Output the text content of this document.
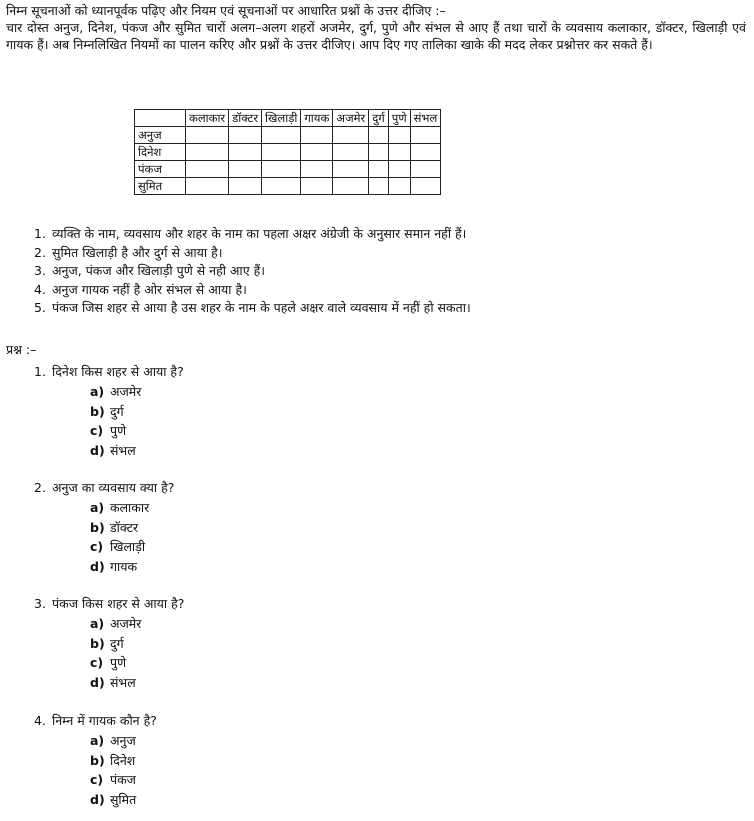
निम्न सूचनाओं को ध्यानपूर्वक पढ़िए और नियम एवं सूचनाओं पर आधारित प्रश्नों के उत्तर दीजिए :–

चार दोस्त अनुज, दिनेश, पंकज और सुमित चारों अलग–अलग शहरों अजमेर, दुर्ग, पुणे और संभल से आए हैं तथा चारों के व्यवसाय कलाकार, डॉक्टर, खिलाड़ी एवं गायक हैं। अब निम्नलिखित नियमों का पालन करिए और प्रश्नों के उत्तर दीजिए। आप दिए गए तालिका खाके की मदद लेकर प्रश्नोत्तर कर सकते हैं।

	कलाकार	डॉक्टर	खिलाड़ी	गायक	अजमेर	दुर्ग	पुणे	संभल
अनुज								
दिनेश								
पंकज								
सुमित								
1. व्यक्ति के नाम, व्यवसाय और शहर के नाम का पहला अक्षर अंग्रेजी के अनुसार समान नहीं हैं।
2. सुमित खिलाड़ी है और दुर्ग से आया है।
3. अनुज, पंकज और खिलाड़ी पुणे से नही आए हैं।
4. अनुज गायक नहीं है ओर संभल से आया है।
5. पंकज जिस शहर से आया है उस शहर के नाम के पहले अक्षर वाले व्यवसाय में नहीं हो सकता।
प्रश्न :–
1. दिनेश किस शहर से आया है?
a) अजमेर
b) दुर्ग
c) पुणे
d) संभल
2. अनुज का व्यवसाय क्या है?
a) कलाकार
b) डॉक्टर
c) खिलाड़ी
d) गायक
3. पंकज किस शहर से आया है?
a) अजमेर
b) दुर्ग
c) पुणे
d) संभल
4. निम्न में गायक कौन है?
a) अनुज
b) दिनेश
c) पंकज
d) सुमित
